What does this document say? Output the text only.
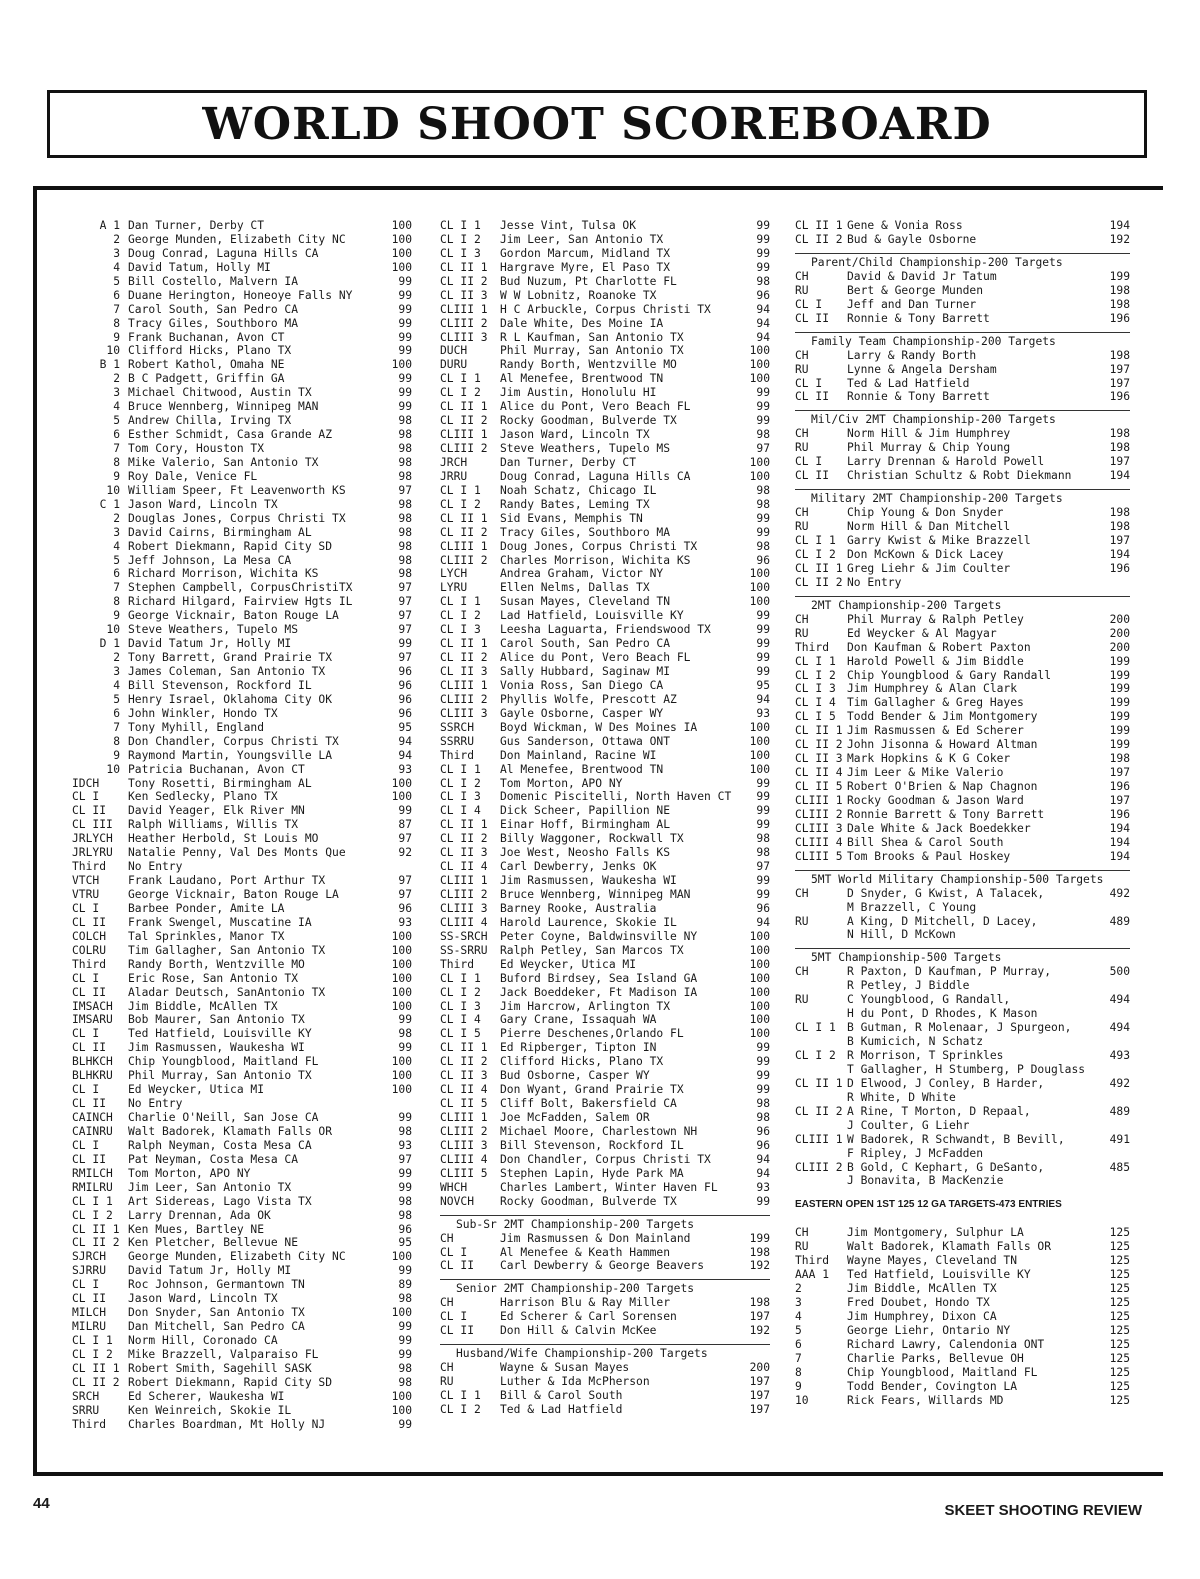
WORLD SHOOT SCOREBOARD
A 1 Dan Turner, Derby CT	100
2 George Munden, Elizabeth City NC	100
3 Doug Conrad, Laguna Hills CA	100
4 David Tatum, Holly MI	100
5 Bill Costello, Malvern IA	99
6 Duane Herington, Honeoye Falls NY	99
7 Carol South, San Pedro CA	99
8 Tracy Giles, Southboro MA	99
9 Frank Buchanan, Avon CT	99
10 Clifford Hicks, Plano TX	99
B 1 Robert Kathol, Omaha NE	100
2 B C Padgett, Griffin GA	99
3 Michael Chitwood, Austin TX	99
4 Bruce Wennberg, Winnipeg MAN	99
5 Andrew Chilla, Irving TX	98
6 Esther Schmidt, Casa Grande AZ	98
7 Tom Cory, Houston TX	98
8 Mike Valerio, San Antonio TX	98
9 Roy Dale, Venice FL	98
10 William Speer, Ft Leavenworth KS	97
C 1 Jason Ward, Lincoln TX	98
2 Douglas Jones, Corpus Christi TX	98
3 David Cairns, Birmingham AL	98
4 Robert Diekmann, Rapid City SD	98
5 Jeff Johnson, La Mesa CA	98
6 Richard Morrison, Wichita KS	98
7 Stephen Campbell, CorpusChristiTX	97
8 Richard Hilgard, Fairview Hgts IL	97
9 George Vicknair, Baton Rouge LA	97
10 Steve Weathers, Tupelo MS	97
D 1 David Tatum Jr, Holly MI	99
2 Tony Barrett, Grand Prairie TX	97
3 James Coleman, San Antonio TX	96
4 Bill Stevenson, Rockford IL	96
5 Henry Israel, Oklahoma City OK	96
6 John Winkler, Hondo TX	96
7 Tony Myhill, England	95
8 Don Chandler, Corpus Christi TX	94
9 Raymond Martin, Youngsville LA	94
10 Patricia Buchanan, Avon CT	93
IDCH	Tony Rosetti, Birmingham AL	100
CL I	Ken Sedlecky, Plano TX	100
CL II	David Yeager, Elk River MN	99
CL III	Ralph Williams, Willis TX	87
JRLYCH	Heather Herbold, St Louis MO	97
JRLYRU	Natalie Penny, Val Des Monts Que	92
Third	No Entry
VTCH	Frank Laudano, Port Arthur TX	97
VTRU	George Vicknair, Baton Rouge LA	97
CL I	Barbee Ponder, Amite LA	96
CL II	Frank Swengel, Muscatine IA	93
COLCH	Tal Sprinkles, Manor TX	100
COLRU	Tim Gallagher, San Antonio TX	100
Third	Randy Borth, Wentzville MO	100
CL I	Eric Rose, San Antonio TX	100
CL II	Aladar Deutsch, SanAntonio TX	100
IMSACH	Jim Biddle, McAllen TX	100
IMSARU	Bob Maurer, San Antonio TX	99
CL I	Ted Hatfield, Louisville KY	98
CL II	Jim Rasmussen, Waukesha WI	99
BLHKCH	Chip Youngblood, Maitland FL	100
BLHKRU	Phil Murray, San Antonio TX	100
CL I	Ed Weycker, Utica MI	100
CL II	No Entry
CAINCH	Charlie O'Neill, San Jose CA	99
CAINRU	Walt Badorek, Klamath Falls OR	98
CL I	Ralph Neyman, Costa Mesa CA	93
CL II	Pat Neyman, Costa Mesa CA	97
RMILCH	Tom Morton, APO NY	99
RMILRU	Jim Leer, San Antonio TX	99
CL I 1	Art Sidereas, Lago Vista TX	98
CL I 2	Larry Drennan, Ada OK	98
CL II 1 Ken Mues, Bartley NE	96
CL II 2 Ken Pletcher, Bellevue NE	95
SJRCH	George Munden, Elizabeth City NC	100
SJRRU	David Tatum Jr, Holly MI	99
CL I	Roc Johnson, Germantown TN	89
CL II	Jason Ward, Lincoln TX	98
MILCH	Don Snyder, San Antonio TX	100
MILRU	Dan Mitchell, San Pedro CA	99
CL I 1	Norm Hill, Coronado CA	99
CL I 2	Mike Brazzell, Valparaiso FL	99
CL II 1 Robert Smith, Sagehill SASK	98
CL II 2 Robert Diekmann, Rapid City SD	98
SRCH	Ed Scherer, Waukesha WI	100
SRRU	Ken Weinreich, Skokie IL	100
Third	Charles Boardman, Mt Holly NJ	99
CL I 1	Jesse Vint, Tulsa OK	99
CL I 2	Jim Leer, San Antonio TX	99
CL I 3	Gordon Marcum, Midland TX	99
CL II 1	Hargrave Myre, El Paso TX	99
CL II 2	Bud Nuzum, Pt Charlotte FL	98
CL II 3	W W Lobnitz, Roanoke TX	96
CLIII 1	H C Arbuckle, Corpus Christi TX	94
CLIII 2	Dale White, Des Moine IA	94
CLIII 3	R L Kaufman, San Antonio TX	94
DUCH	Phil Murray, San Antonio TX	100
DURU	Randy Borth, Wentzville MO	100
CL I 1	Al Menefee, Brentwood TN	100
CL I 2	Jim Austin, Honolulu HI	99
CL II 1	Alice du Pont, Vero Beach FL	99
CL II 2	Rocky Goodman, Bulverde TX	99
CLIII 1	Jason Ward, Lincoln TX	98
CLIII 2	Steve Weathers, Tupelo MS	97
JRCH	Dan Turner, Derby CT	100
JRRU	Doug Conrad, Laguna Hills CA	100
CL I 1	Noah Schatz, Chicago IL	98
CL I 2	Randy Bates, Leming TX	98
CL II 1	Sid Evans, Memphis TN	99
CL II 2	Tracy Giles, Southboro MA	99
CLIII 1	Doug Jones, Corpus Christi TX	98
CLIII 2	Charles Morrison, Wichita KS	96
LYCH	Andrea Graham, Victor NY	100
LYRU	Ellen Nelms, Dallas TX	100
CL I 1	Susan Mayes, Cleveland TN	100
CL I 2	Lad Hatfield, Louisville KY	99
CL I 3	Leesha Laguarta, Friendswood TX	99
CL II 1	Carol South, San Pedro CA	99
CL II 2	Alice du Pont, Vero Beach FL	99
CL II 3	Sally Hubbard, Saginaw MI	99
CLIII 1	Vonia Ross, San Diego CA	95
CLIII 2	Phyllis Wolfe, Prescott AZ	94
CLIII 3	Gayle Osborne, Casper WY	93
SSRCH	Boyd Wickman, W Des Moines IA	100
SSRRU	Gus Sanderson, Ottawa ONT	100
Third	Don Mainland, Racine WI	100
CL I 1	Al Menefee, Brentwood TN	100
CL I 2	Tom Morton, APO NY	99
CL I 3	Domenic Piscitelli, North Haven CT	99
CL I 4	Dick Scheer, Papillion NE	99
CL II 1	Einar Hoff, Birmingham AL	99
CL II 2	Billy Waggoner, Rockwall TX	98
CL II 3	Joe West, Neosho Falls KS	98
CL II 4	Carl Dewberry, Jenks OK	97
CLIII 1	Jim Rasmussen, Waukesha WI	99
CLIII 2	Bruce Wennberg, Winnipeg MAN	99
CLIII 3	Barney Rooke, Australia	96
CLIII 4	Harold Laurence, Skokie IL	94
SS-SRCH	Peter Coyne, Baldwinsville NY	100
SS-SRRU	Ralph Petley, San Marcos TX	100
Third	Ed Weycker, Utica MI	100
CL I 1	Buford Birdsey, Sea Island GA	100
CL I 2	Jack Boeddeker, Ft Madison IA	100
CL I 3	Jim Harcrow, Arlington TX	100
CL I 4	Gary Crane, Issaquah WA	100
CL I 5	Pierre Deschenes,Orlando FL	100
CL II 1	Ed Ripberger, Tipton IN	99
CL II 2	Clifford Hicks, Plano TX	99
CL II 3	Bud Osborne, Casper WY	99
CL II 4	Don Wyant, Grand Prairie TX	99
CL II 5	Cliff Bolt, Bakersfield CA	98
CLIII 1	Joe McFadden, Salem OR	98
CLIII 2	Michael Moore, Charlestown NH	96
CLIII 3	Bill Stevenson, Rockford IL	96
CLIII 4	Don Chandler, Corpus Christi TX	94
CLIII 5	Stephen Lapin, Hyde Park MA	94
WHCH	Charles Lambert, Winter Haven FL	93
NOVCH	Rocky Goodman, Bulverde TX	99
Sub-Sr 2MT Championship-200 Targets
CH	Jim Rasmussen & Don Mainland	199
CL I	Al Menefee & Keath Hammen	198
CL II	Carl Dewberry & George Beavers	192
Senior 2MT Championship-200 Targets
CH	Harrison Blu & Ray Miller	198
CL I	Ed Scherer & Carl Sorensen	197
CL II	Don Hill & Calvin McKee	192
Husband/Wife Championship-200 Targets
CH	Wayne & Susan Mayes	200
RU	Luther & Ida McPherson	197
CL I 1	Bill & Carol South	197
CL I 2	Ted & Lad Hatfield	197
CL II 1 Gene & Vonia Ross	194
CL II 2 Bud & Gayle Osborne	192
Parent/Child Championship-200 Targets
CH	David & David Jr Tatum	199
RU	Bert & George Munden	198
CL I	Jeff and Dan Turner	198
CL II	Ronnie & Tony Barrett	196
Family Team Championship-200 Targets
CH	Larry & Randy Borth	198
RU	Lynne & Angela Dersham	197
CL I	Ted & Lad Hatfield	197
CL II	Ronnie & Tony Barrett	196
Mil/Civ 2MT Championship-200 Targets
CH	Norm Hill & Jim Humphrey	198
RU	Phil Murray & Chip Young	198
CL I	Larry Drennan & Harold Powell	197
CL II	Christian Schultz & Robt Diekmann	194
Military 2MT Championship-200 Targets
CH	Chip Young & Don Snyder	198
RU	Norm Hill & Dan Mitchell	198
CL I 1 Garry Kwist & Mike Brazzell	197
CL I 2 Don McKown & Dick Lacey	194
CL II 1 Greg Liehr & Jim Coulter	196
CL II 2 No Entry
2MT Championship-200 Targets
CH	Phil Murray & Ralph Petley	200
RU	Ed Weycker & Al Magyar	200
Third	Don Kaufman & Robert Paxton	200
CL I 1 Harold Powell & Jim Biddle	199
CL I 2 Chip Youngblood & Gary Randall	199
CL I 3 Jim Humphrey & Alan Clark	199
CL I 4 Tim Gallagher & Greg Hayes	199
CL I 5 Todd Bender & Jim Montgomery	199
CL II 1 Jim Rasmussen & Ed Scherer	199
CL II 2 John Jisonna & Howard Altman	199
CL II 3 Mark Hopkins & K G Coker	198
CL II 4 Jim Leer & Mike Valerio	197
CL II 5 Robert O'Brien & Nap Chagnon	196
CLIII 1 Rocky Goodman & Jason Ward	197
CLIII 2 Ronnie Barrett & Tony Barrett	196
CLIII 3 Dale White & Jack Boedekker	194
CLIII 4 Bill Shea & Carol South	194
CLIII 5 Tom Brooks & Paul Hoskey	194
5MT World Military Championship-500 Targets
CH	D Snyder, G Kwist, A Talacek,	492
M Brazzell, C Young
RU	A King, D Mitchell, D Lacey,	489
N Hill, D McKown
5MT Championship-500 Targets
CH	R Paxton, D Kaufman, P Murray,	500
R Petley, J Biddle
RU	C Youngblood, G Randall,	494
H du Pont, D Rhodes, K Mason
CL I 1 B Gutman, R Molenaar, J Spurgeon,	494
B Kumicich, N Schatz
CL I 2 R Morrison, T Sprinkles	493
T Gallagher, H Stumberg, P Douglass
CL II 1 D Elwood, J Conley, B Harder,	492
R White, D White
CL II 2 A Rine, T Morton, D Repaal,	489
J Coulter, G Liehr
CLIII 1 W Badorek, R Schwandt, B Bevill,	491
F Ripley, J McFadden
CLIII 2 B Gold, C Kephart, G DeSanto,	485
J Bonavita, B MacKenzie
EASTERN OPEN 1ST 125 12 GA TARGETS-473 ENTRIES
CH	Jim Montgomery, Sulphur LA	125
RU	Walt Badorek, Klamath Falls OR	125
Third	Wayne Mayes, Cleveland TN	125
AAA 1	Ted Hatfield, Louisville KY	125
2	Jim Biddle, McAllen TX	125
3	Fred Doubet, Hondo TX	125
4	Jim Humphrey, Dixon CA	125
5	George Liehr, Ontario NY	125
6	Richard Lawry, Calendonia ONT	125
7	Charlie Parks, Bellevue OH	125
8	Chip Youngblood, Maitland FL	125
9	Todd Bender, Covington LA	125
10	Rick Fears, Willards MD	125
44	SKEET SHOOTING REVIEW
